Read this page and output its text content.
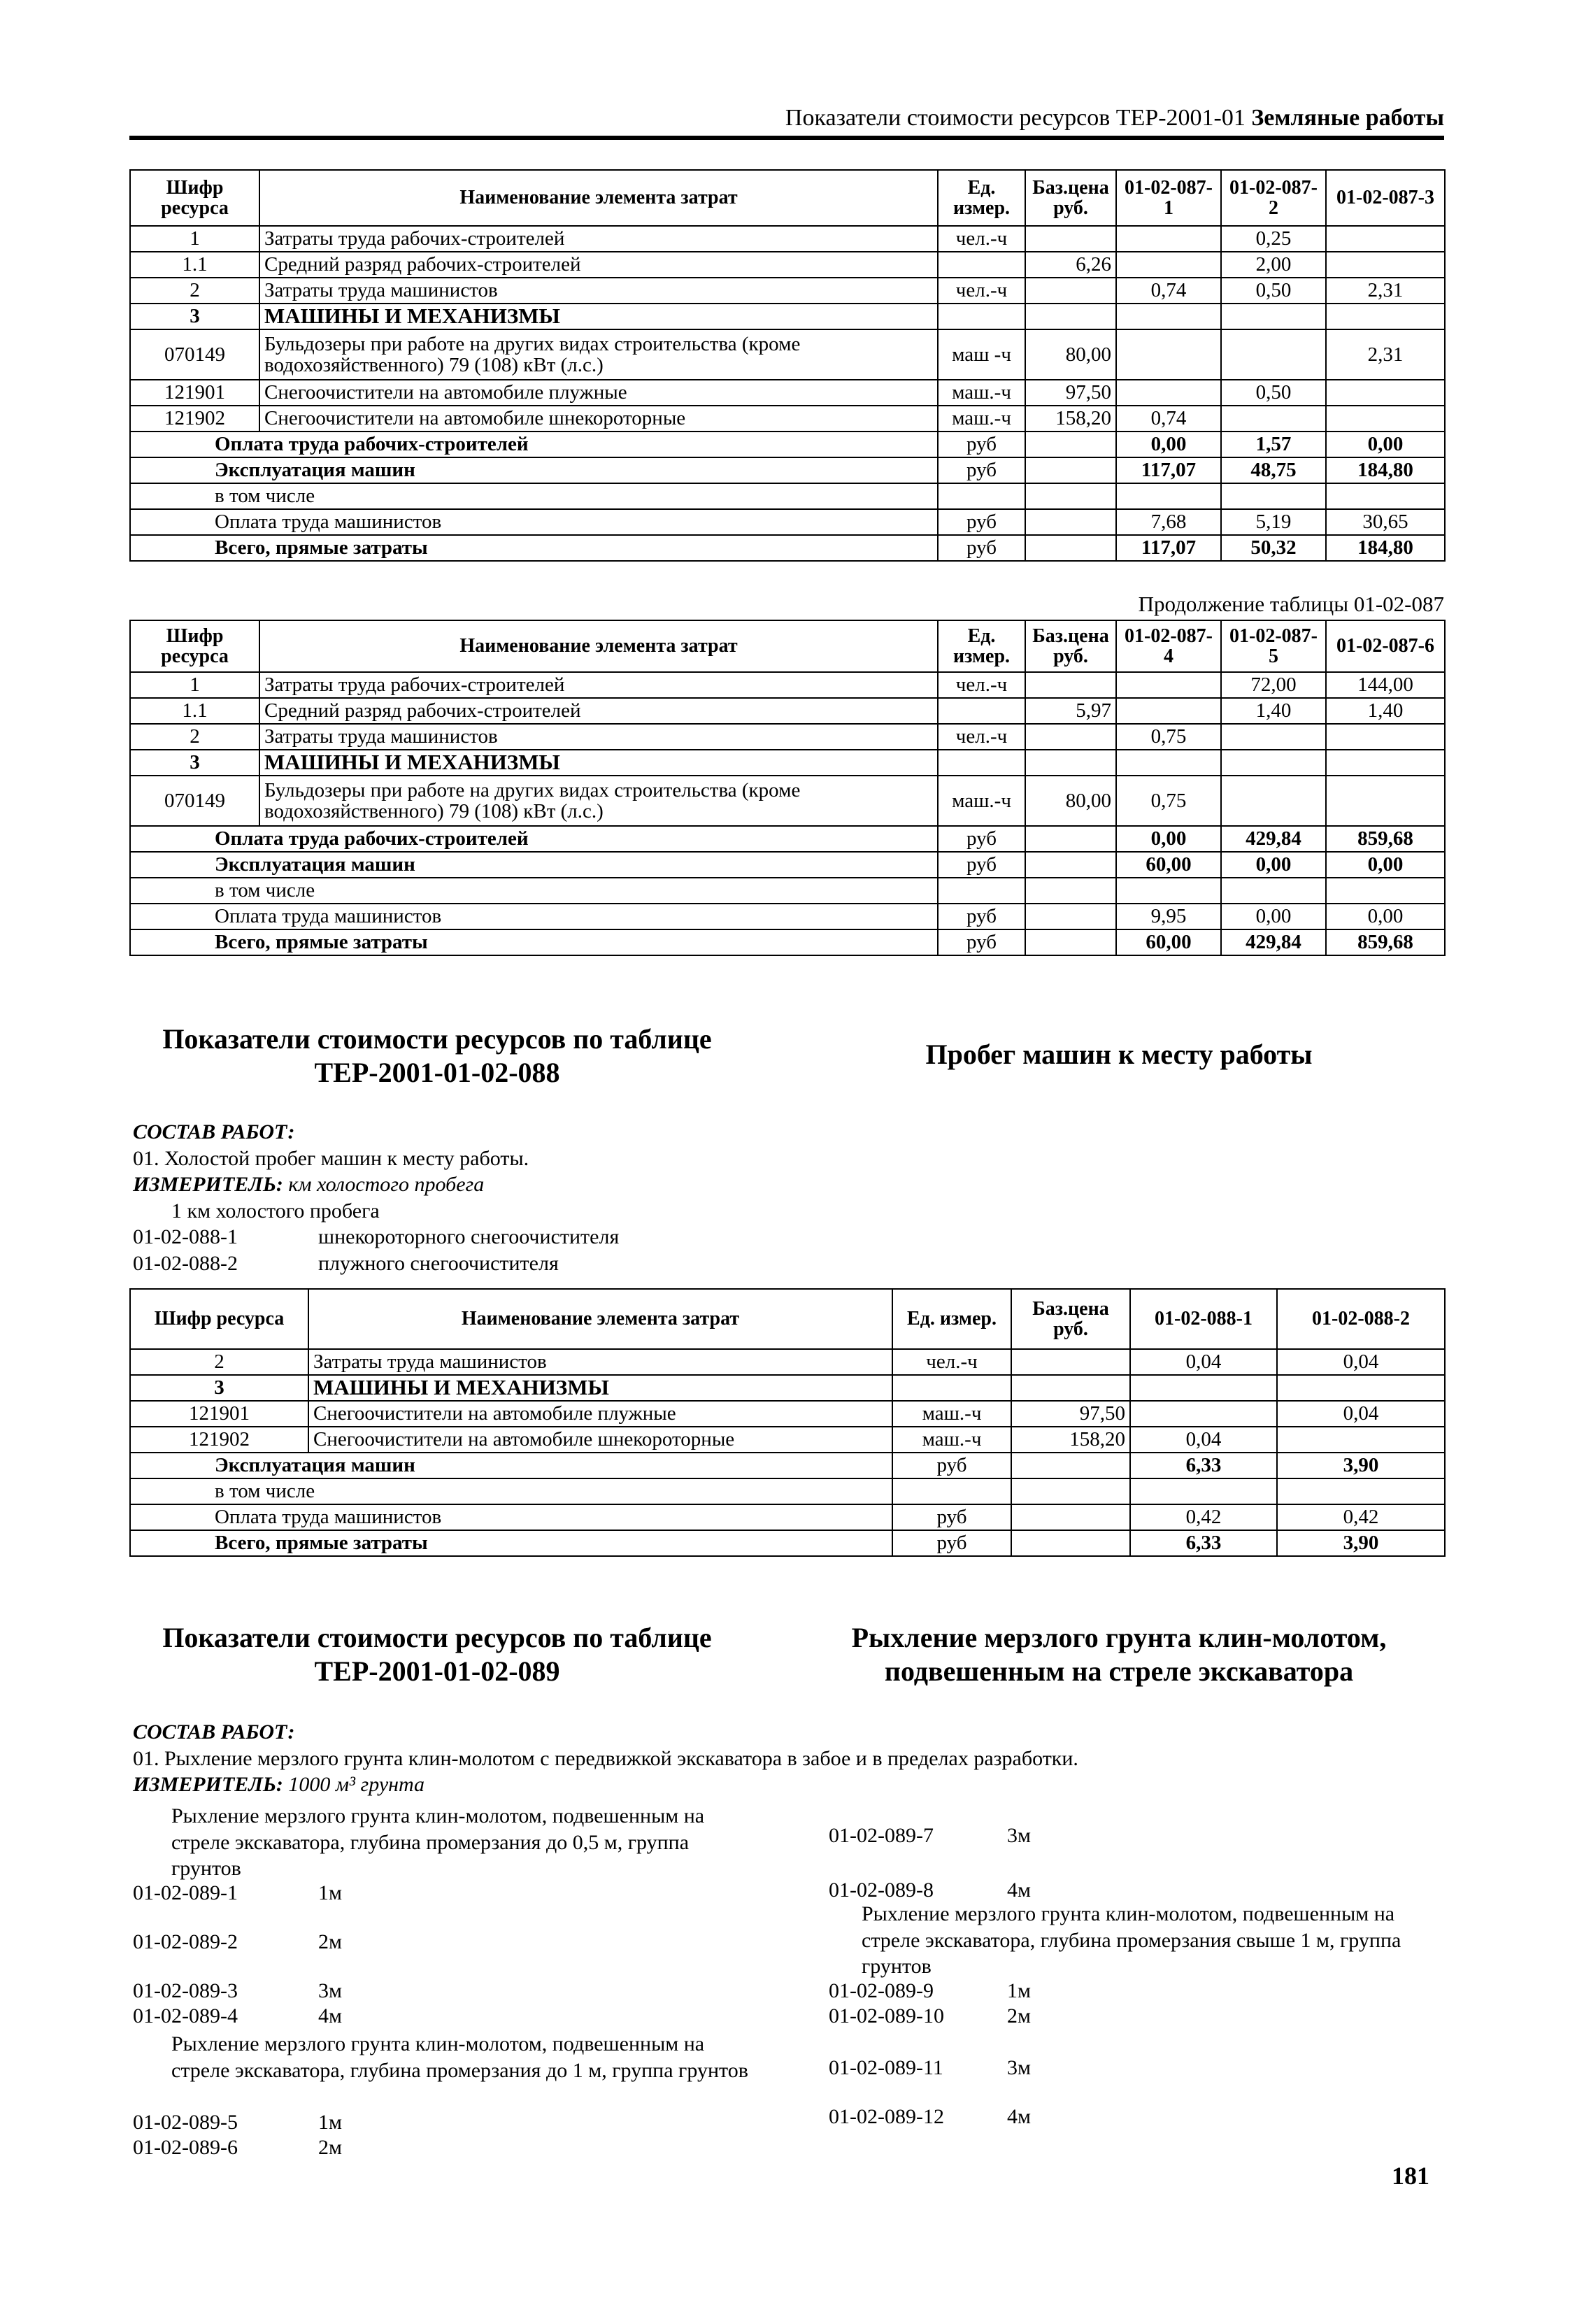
Показатели стоимости ресурсов ТЕР-2001-01 Земляные работы
Шифр ресурса	Наименование элемента затрат	Ед. измер.	Баз.цена руб.	01-02-087-1	01-02-087-2	01-02-087-3
1	Затраты труда рабочих-строителей	чел.-ч			0,25	
1.1	Средний разряд рабочих-строителей		6,26		2,00	
2	Затраты труда машинистов	чел.-ч		0,74	0,50	2,31
3	МАШИНЫ И МЕХАНИЗМЫ					
070149	Бульдозеры при работе на других видах строительства (кроме водохозяйственного) 79 (108) кВт (л.с.)	маш -ч	80,00			2,31
121901	Снегоочистители на автомобиле плужные	маш.-ч	97,50		0,50	
121902	Снегоочистители на автомобиле шнекороторные	маш.-ч	158,20	0,74		
Оплата труда рабочих-строителей		руб		0,00	1,57	0,00
Эксплуатация машин		руб		117,07	48,75	184,80
в том числе						
Оплата труда машинистов		руб		7,68	5,19	30,65
Всего, прямые затраты		руб		117,07	50,32	184,80
Продолжение таблицы 01-02-087
Шифр ресурса	Наименование элемента затрат	Ед. измер.	Баз.цена руб.	01-02-087-4	01-02-087-5	01-02-087-6
1	Затраты труда рабочих-строителей	чел.-ч			72,00	144,00
1.1	Средний разряд рабочих-строителей		5,97		1,40	1,40
2	Затраты труда машинистов	чел.-ч		0,75		
3	МАШИНЫ И МЕХАНИЗМЫ					
070149	Бульдозеры при работе на других видах строительства (кроме водохозяйственного) 79 (108) кВт (л.с.)	маш.-ч	80,00	0,75		
Оплата труда рабочих-строителей		руб		0,00	429,84	859,68
Эксплуатация машин		руб		60,00	0,00	0,00
в том числе						
Оплата труда машинистов		руб		9,95	0,00	0,00
Всего, прямые затраты		руб		60,00	429,84	859,68
Показатели стоимости ресурсов по таблице ТЕР-2001-01-02-088
Пробег машин к месту работы
СОСТАВ РАБОТ:
01. Холостой пробег машин к месту работы.
ИЗМЕРИТЕЛЬ: км холостого пробега
1 км холостого пробега
01-02-088-1	шнекороторного снегоочистителя
01-02-088-2	плужного снегоочистителя
Шифр ресурса	Наименование элемента затрат	Ед. измер.	Баз.цена руб.	01-02-088-1	01-02-088-2
2	Затраты труда машинистов	чел.-ч		0,04	0,04
3	МАШИНЫ И МЕХАНИЗМЫ				
121901	Снегоочистители на автомобиле плужные	маш.-ч	97,50		0,04
121902	Снегоочистители на автомобиле шнекороторные	маш.-ч	158,20	0,04	
Эксплуатация машин		руб		6,33	3,90
в том числе					
Оплата труда машинистов		руб		0,42	0,42
Всего, прямые затраты		руб		6,33	3,90
Показатели стоимости ресурсов по таблице ТЕР-2001-01-02-089
Рыхление мерзлого грунта клин-молотом, подвешенным на стреле экскаватора
СОСТАВ РАБОТ:
01. Рыхление мерзлого грунта клин-молотом с передвижкой экскаватора в забое и в пределах разработки.
ИЗМЕРИТЕЛЬ: 1000 м³ грунта
Рыхление мерзлого грунта клин-молотом, подвешенным на стреле экскаватора, глубина промерзания до 0,5 м, группа грунтов
01-02-089-1	1м
01-02-089-2	2м
01-02-089-3	3м
01-02-089-4	4м
Рыхление мерзлого грунта клин-молотом, подвешенным на стреле экскаватора, глубина промерзания до 1 м, группа грунтов
01-02-089-5	1м
01-02-089-6	2м
01-02-089-7	3м
01-02-089-8	4м
Рыхление мерзлого грунта клин-молотом, подвешенным на стреле экскаватора, глубина промерзания свыше 1 м, группа грунтов
01-02-089-9	1м
01-02-089-10	2м
01-02-089-11	3м
01-02-089-12	4м
181
